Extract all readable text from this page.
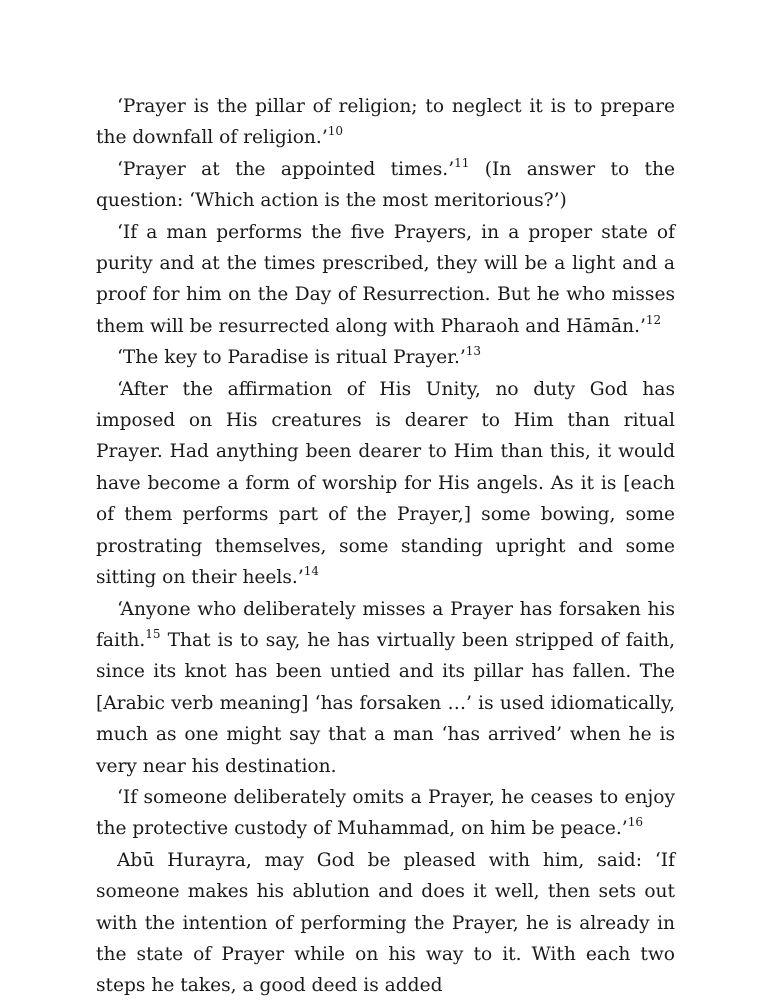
‘Prayer is the pillar of religion; to neglect it is to prepare the downfall of religion.’$^{10}$

‘Prayer at the appointed times.’$^{11}$ (In answer to the question: ‘Which action is the most meritorious?’)

‘If a man performs the five Prayers, in a proper state of purity and at the times prescribed, they will be a light and a proof for him on the Day of Resurrection. But he who misses them will be resurrected along with Pharaoh and Hāmān.’$^{12}$

‘The key to Paradise is ritual Prayer.’$^{13}$

‘After the affirmation of His Unity, no duty God has imposed on His creatures is dearer to Him than ritual Prayer. Had anything been dearer to Him than this, it would have become a form of worship for His angels. As it is [each of them performs part of the Prayer,] some bowing, some prostrating themselves, some standing upright and some sitting on their heels.’$^{14}$

‘Anyone who deliberately misses a Prayer has forsaken his faith.$^{15}$ That is to say, he has virtually been stripped of faith, since its knot has been untied and its pillar has fallen. The [Arabic verb meaning] ‘has forsaken …’ is used idiomatically, much as one might say that a man ‘has arrived’ when he is very near his destination.

‘If someone deliberately omits a Prayer, he ceases to enjoy the protective custody of Muhammad, on him be peace.’$^{16}$

Abū Hurayra, may God be pleased with him, said: ‘If someone makes his ablution and does it well, then sets out with the intention of performing the Prayer, he is already in the state of Prayer while on his way to it. With each two steps he takes, a good deed is added
